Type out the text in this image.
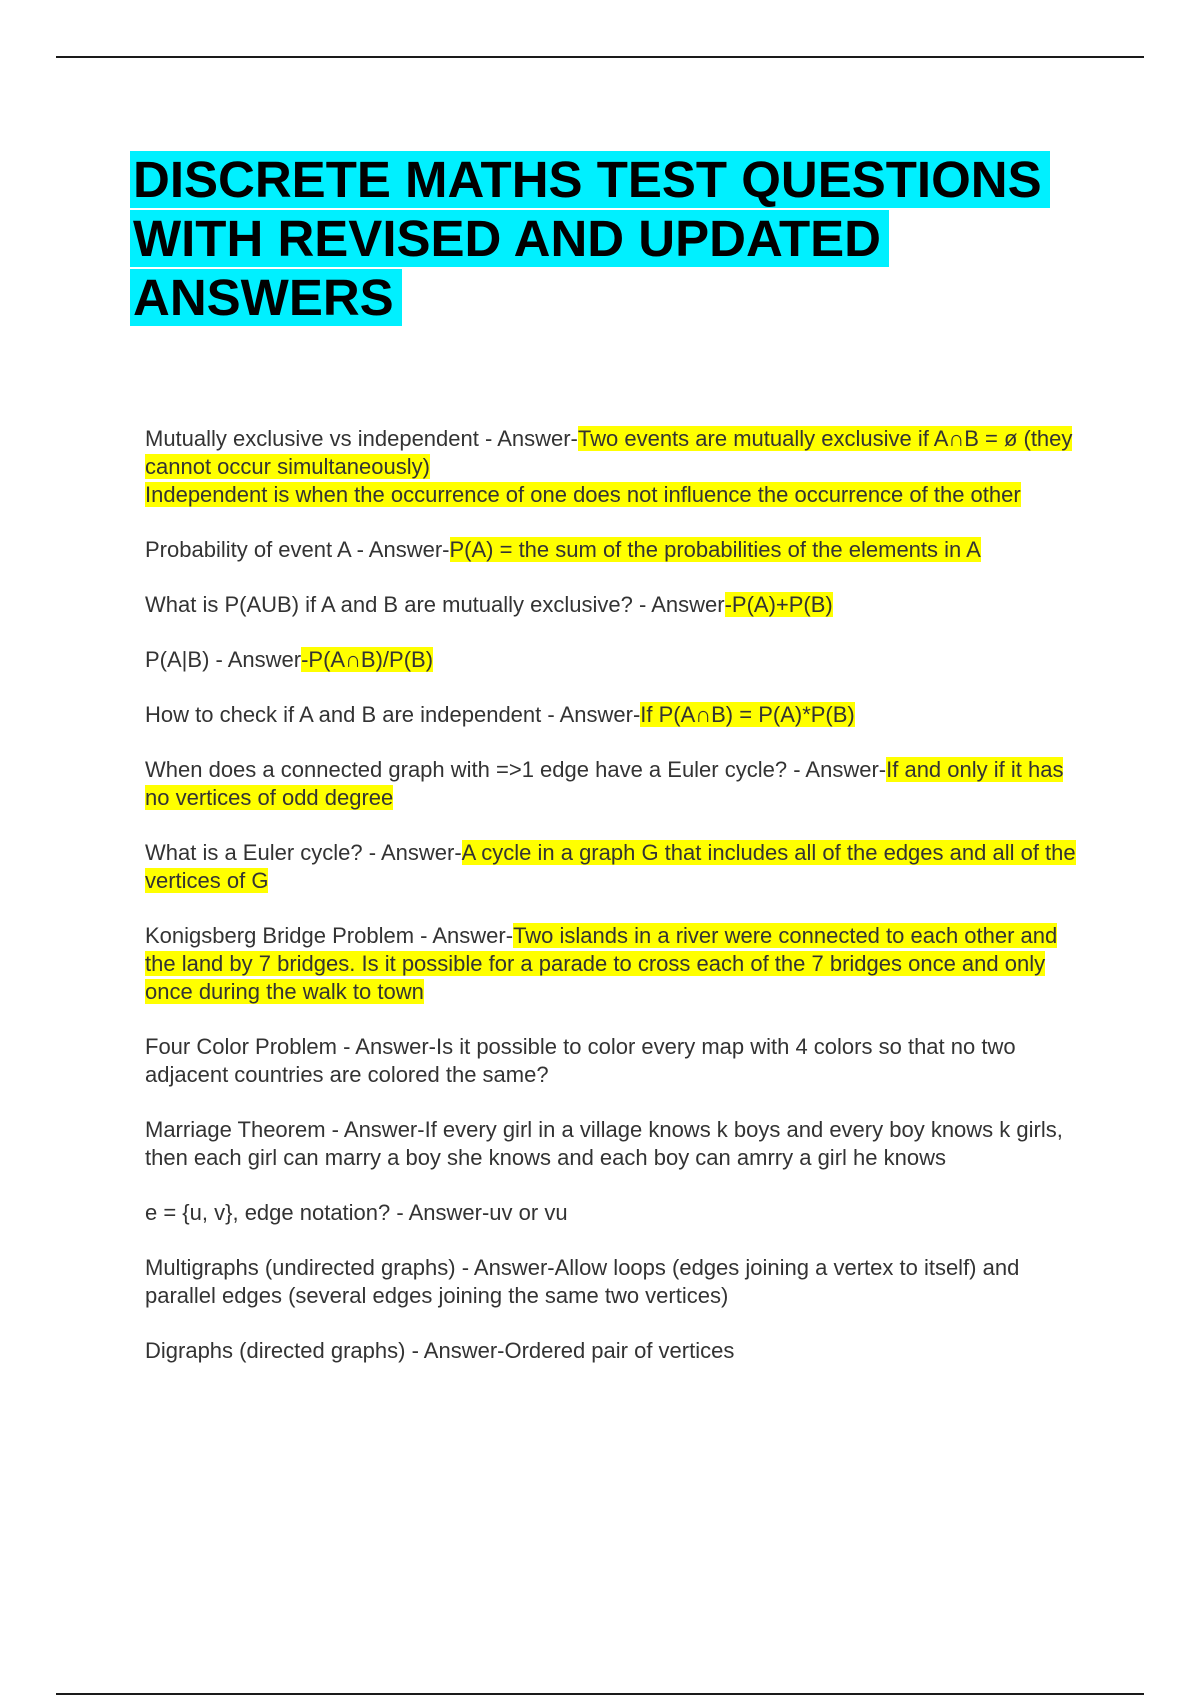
DISCRETE MATHS TEST QUESTIONS WITH REVISED AND UPDATED ANSWERS

Mutually exclusive vs independent - Answer-Two events are mutually exclusive if A∩B = ø (they cannot occur simultaneously)
Independent is when the occurrence of one does not influence the occurrence of the other

Probability of event A - Answer-P(A) = the sum of the probabilities of the elements in A

What is P(AUB) if A and B are mutually exclusive? - Answer-P(A)+P(B)

P(A|B) - Answer-P(A∩B)/P(B)

How to check if A and B are independent - Answer-If P(A∩B) = P(A)*P(B)

When does a connected graph with =>1 edge have a Euler cycle? - Answer-If and only if it has no vertices of odd degree

What is a Euler cycle? - Answer-A cycle in a graph G that includes all of the edges and all of the vertices of G

Konigsberg Bridge Problem - Answer-Two islands in a river were connected to each other and the land by 7 bridges. Is it possible for a parade to cross each of the 7 bridges once and only once during the walk to town

Four Color Problem - Answer-Is it possible to color every map with 4 colors so that no two adjacent countries are colored the same?

Marriage Theorem - Answer-If every girl in a village knows k boys and every boy knows k girls, then each girl can marry a boy she knows and each boy can amrry a girl he knows

e = {u, v}, edge notation? - Answer-uv or vu

Multigraphs (undirected graphs) - Answer-Allow loops (edges joining a vertex to itself) and parallel edges (several edges joining the same two vertices)

Digraphs (directed graphs) - Answer-Ordered pair of vertices
